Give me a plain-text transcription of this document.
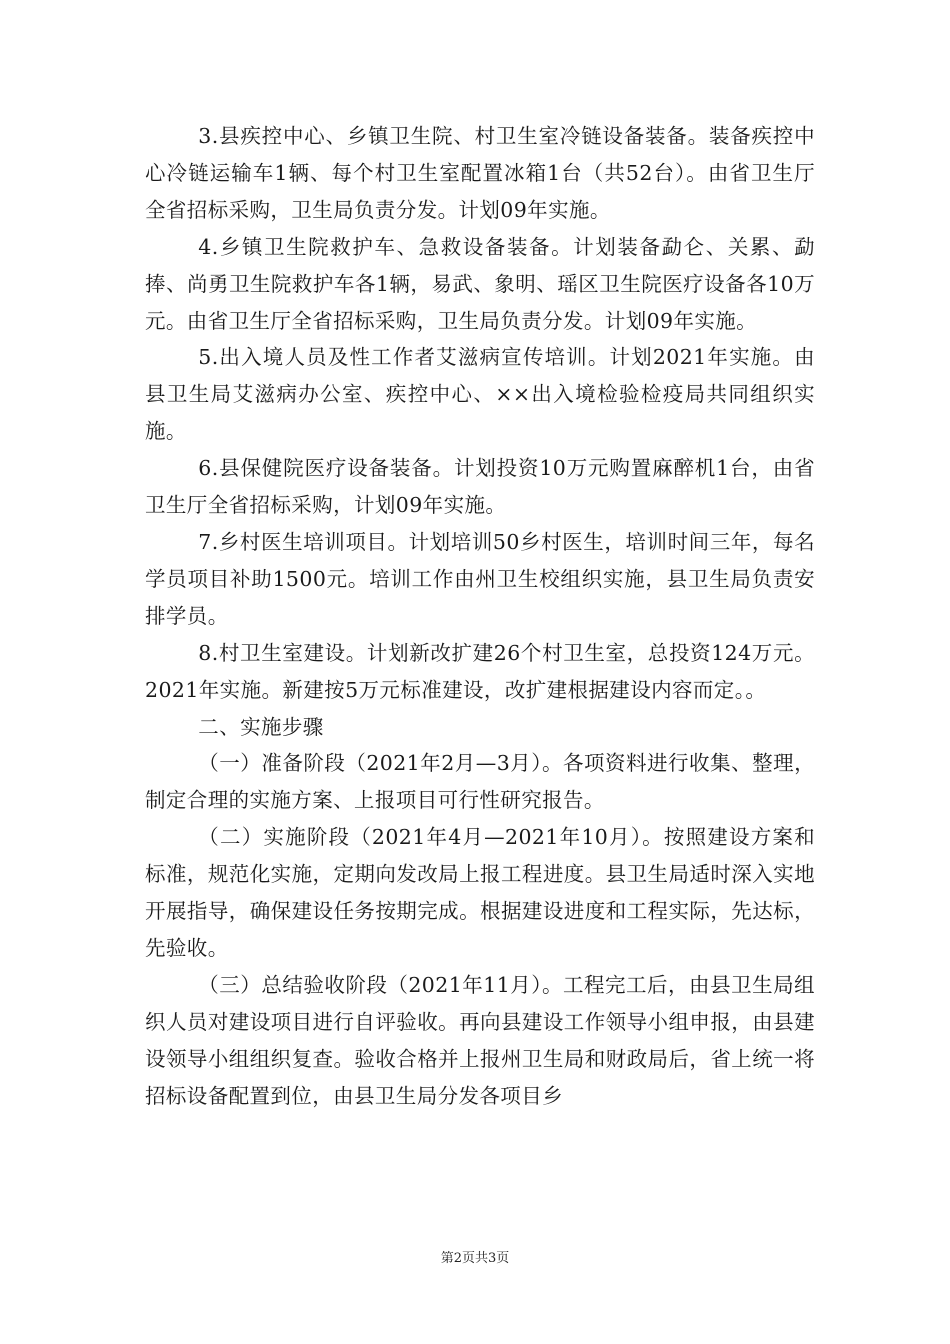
3.县疾控中心、乡镇卫生院、村卫生室冷链设备装备。装备疾控中心冷链运输车1辆、每个村卫生室配置冰箱1台（共52台）。由省卫生厅全省招标采购，卫生局负责分发。计划09年实施。

4.乡镇卫生院救护车、急救设备装备。计划装备勐仑、关累、勐捧、尚勇卫生院救护车各1辆，易武、象明、瑶区卫生院医疗设备各10万元。由省卫生厅全省招标采购，卫生局负责分发。计划09年实施。

5.出入境人员及性工作者艾滋病宣传培训。计划2021年实施。由县卫生局艾滋病办公室、疾控中心、××出入境检验检疫局共同组织实施。

6.县保健院医疗设备装备。计划投资10万元购置麻醉机1台，由省卫生厅全省招标采购，计划09年实施。

7.乡村医生培训项目。计划培训50乡村医生，培训时间三年，每名学员项目补助1500元。培训工作由州卫生校组织实施，县卫生局负责安排学员。

8.村卫生室建设。计划新改扩建26个村卫生室，总投资124万元。2021年实施。新建按5万元标准建设，改扩建根据建设内容而定。。

二、实施步骤

（一）准备阶段（2021年2月—3月）。各项资料进行收集、整理，制定合理的实施方案、上报项目可行性研究报告。

（二）实施阶段（2021年4月—2021年10月）。按照建设方案和标准，规范化实施，定期向发改局上报工程进度。县卫生局适时深入实地开展指导，确保建设任务按期完成。根据建设进度和工程实际，先达标，先验收。

（三）总结验收阶段（2021年11月）。工程完工后，由县卫生局组织人员对建设项目进行自评验收。再向县建设工作领导小组申报，由县建设领导小组组织复查。验收合格并上报州卫生局和财政局后，省上统一将招标设备配置到位，由县卫生局分发各项目乡

第2页共3页
